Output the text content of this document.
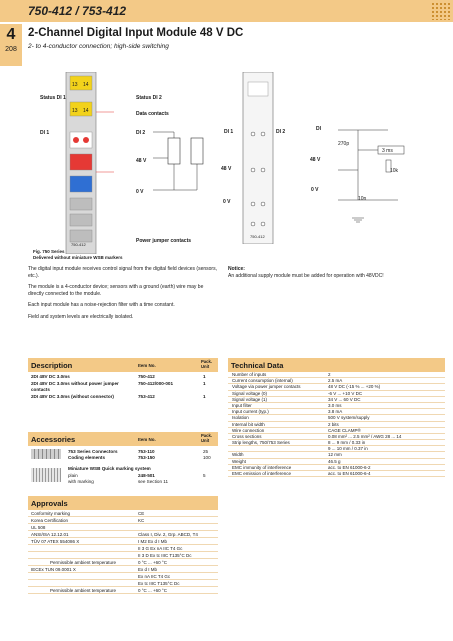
750-412 / 753-412
4
208
2-Channel Digital Input Module 48 V DC
2- to 4-conductor connection; high-side switching
13 14
13 14
750-412
Status DI 1	Status DI 2
Data contacts
DI 1	DI 2
48 V
0 V
Power jumper contacts
DI 1	DI 2
48 V
0 V
750-412
DI
270p
3 ms
48 V
10k
0 V
10n
Fig. 750 Series
Delivered without miniature WSB markers

The digital input module receives control signal from the digital field devices (sensors, etc.).

The module is a 4-conductor device; sensors with a ground (earth) wire may be directly connected to the module.

Each input module has a noise-rejection filter with a time constant.

Field and system levels are electrically isolated.

Notice:
An additional supply module must be added for operation with 48VDC!
Description	Item No.
Pack. Unit
2DI 48V DC 3.0ms	750-412	1
2DI 48V DC 3.0ms without power jumper contacts
750-412/000-001	1
2DI 48V DC 3.0ms (without connector)	753-412	1
Accessories	Item No.
Pack. Unit
753 Series Connectors	753-110	25
Coding elements	753-150	100
Miniature WSB Quick marking system
plain	248-501	5
with marking	see Section 11
Approvals
Conformity marking	CE
Korea Certification	KC
UL 508
ANSI/ISA 12.12.01	Class I, Div. 2, Grp. ABCD, T4
TÜV 07 ATEX 554086 X	I M2 Ex d I Mb
II 3 G Ex nA IIC T4 Gc
II 3 D Ex tc IIIC T135°C Dc
Permissible ambient temperature	0 °C ... +60 °C
IECEx TUN 09.0001 X	Ex d I Mb
Ex nA IIC T4 Gc
Ex tc IIIC T135°C Dc
Permissible ambient temperature	0 °C ... +60 °C
Technical Data
Number of inputs	2
Current consumption (internal)	2.5 mA
Voltage via power jumper contacts	48 V DC (-15 % ... +20 %)
Signal voltage (0)	-6 V ... +10 V DC
Signal voltage (1)	34 V ... 60 V DC
Input filter	3.0 ms
Input current (typ.)	3.8 mA
Isolation	500 V system/supply
Internal bit width	2 bits
Wire connection	CAGE CLAMP®
Cross sections	0.08 mm² ... 2.5 mm² / AWG 28 ... 14
Strip lengths, 750/753 Series	8 ... 9 mm / 0.33 in
9 ... 10 mm / 0.37 in
Width	12 mm
Weight	46.5 g
EMC immunity of interference	acc. to EN 61000-6-2
EMC emission of interference	acc. to EN 61000-6-4
